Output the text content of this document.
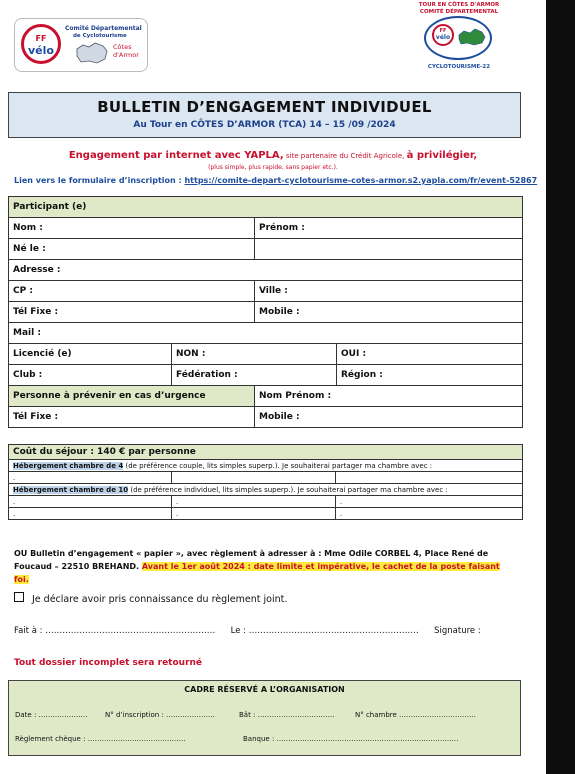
FF
vélo
Comité Départemental
de Cyclotourisme
Côtes
d'Armor
TOUR EN CÔTES D'ARMOR
COMITÉ DÉPARTEMENTAL
FF
vélo
CYCLOTOURISME-22
BULLETIN D’ENGAGEMENT INDIVIDUEL
Au Tour en CÔTES D’ARMOR (TCA) 14 – 15 /09 /2024
Engagement par internet avec YAPLA, site partenaire du Crédit Agricole, à privilégier,
(plus simple, plus rapide, sans papier etc.).
Lien vers le formulaire d’inscription : https://comite-depart-cyclotourisme-cotes-armor.s2.yapla.com/fr/event-52867
Participant (e)			
Nom :		Prénom :	
Né le :			
Adresse :			
CP :		Ville :	
Tél Fixe :		Mobile :	
Mail :			
Licencié (e)	NON :		OUI :
Club :	Fédération :		Région :
Personne à prévenir en cas d’urgence		Nom Prénom :	
Tél Fixe :		Mobile :	
Coût du séjour : 140 € par personne		
Hébergement chambre de 4 (de préférence couple, lits simples superp.). Je souhaiterai partager ma chambre avec :		
.		
Hébergement chambre de 10 (de préférence individuel, lits simples superp.). Je souhaiterai partager ma chambre avec :		
.	.	.
.	.	.
OU Bulletin d’engagement « papier », avec règlement à adresser à : Mme Odile CORBEL 4, Place René de Foucaud – 22510 BREHAND. Avant le 1er août 2024 : date limite et impérative, le cachet de la poste faisant foi.
Je déclare avoir pris connaissance du règlement joint.
Fait à : …………………………………………………… Le : …………………………………………………… Signature :
Tout dossier incomplet sera retourné
CADRE RÉSERVÉ A L’ORGANISATION
Date : ………………… N° d’inscription : …………………	Bât : ……………………………	N° chambre ……………………………
Règlement chèque : ……………………………………	Banque : ……………………………………………………………………
